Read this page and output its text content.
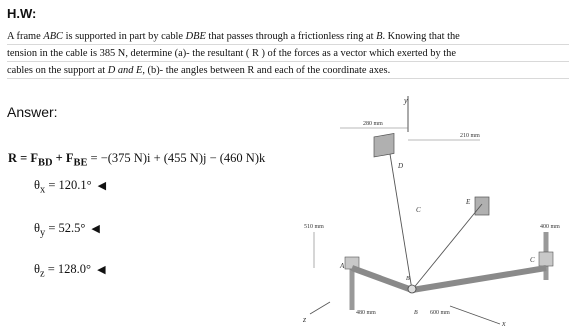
H.W:
A frame ABC is supported in part by cable DBE that passes through a frictionless ring at B. Knowing that the
tension in the cable is 385 N, determine (a)- the resultant ( R ) of the forces as a vector which exerted by the
cables on the support at D and E, (b)- the angles between R and each of the coordinate axes.
Answer:
$R = F_{BD} + F_{BE} = -(375$ N)i + (455 N)j − (460 N)k
$\theta_x = 120.1^\circ$ ◀
$\theta_y = 52.5^\circ$ ◀
$\theta_z = 128.0^\circ$ ◀
y
280 mm
210 mm
D
E
A
C
B
C
510 mm	400 mm
480 mm	600 mm
B
x
z
